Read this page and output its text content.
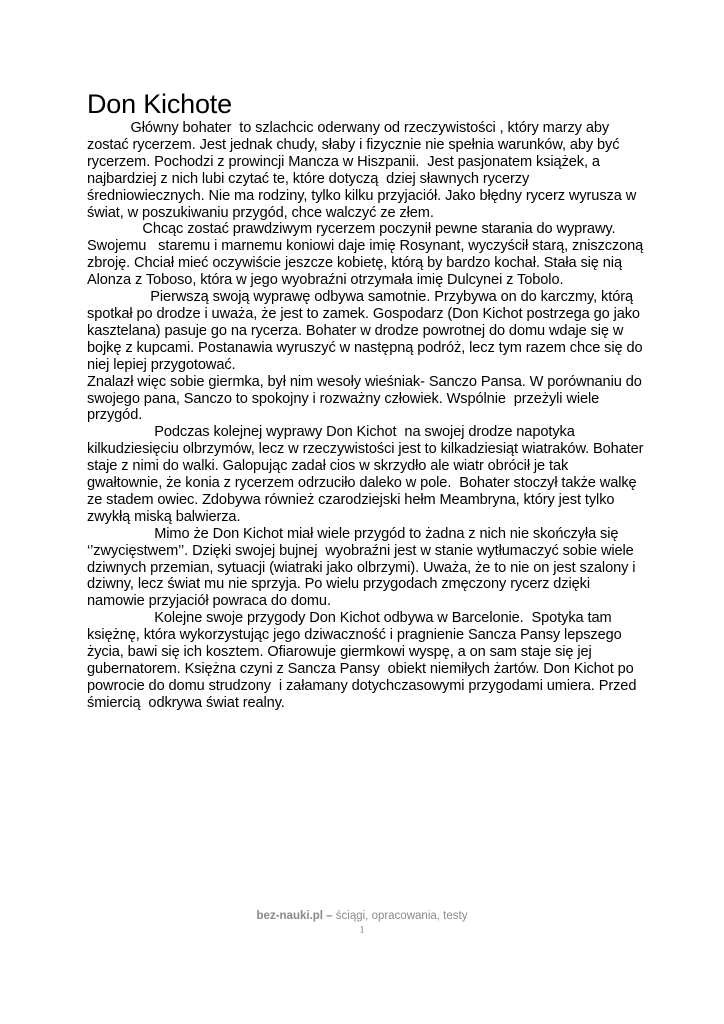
Don Kichote

Główny bohater  to szlachcic oderwany od rzeczywistości , który marzy aby zostać rycerzem. Jest jednak chudy, słaby i fizycznie nie spełnia warunków, aby być rycerzem. Pochodzi z prowincji Mancza w Hiszpanii.  Jest pasjonatem książek, a najbardziej z nich lubi czytać te, które dotyczą  dziej sławnych rycerzy średniowiecznych. Nie ma rodziny, tylko kilku przyjaciół. Jako błędny rycerz wyrusza w świat, w poszukiwaniu przygód, chce walczyć ze złem.

Chcąc zostać prawdziwym rycerzem poczynił pewne starania do wyprawy. Swojemu   staremu i marnemu koniowi daje imię Rosynant, wyczyścił starą, zniszczoną zbroję. Chciał mieć oczywiście jeszcze kobietę, którą by bardzo kochał. Stała się nią Alonza z Toboso, która w jego wyobraźni otrzymała imię Dulcynei z Tobolo.

Pierwszą swoją wyprawę odbywa samotnie. Przybywa on do karczmy, którą spotkał po drodze i uważa, że jest to zamek. Gospodarz (Don Kichot postrzega go jako kasztelana) pasuje go na rycerza. Bohater w drodze powrotnej do domu wdaje się w bojkę z kupcami. Postanawia wyruszyć w następną podróż, lecz tym razem chce się do niej lepiej przygotować.

Znalazł więc sobie giermka, był nim wesoły wieśniak- Sanczo Pansa. W porównaniu do  swojego pana, Sanczo to spokojny i rozważny człowiek. Wspólnie  przeżyli wiele przygód.

Podczas kolejnej wyprawy Don Kichot  na swojej drodze napotyka kilkudziesięciu olbrzymów, lecz w rzeczywistości jest to kilkadziesiąt wiatraków. Bohater staje z nimi do walki. Galopując zadał cios w skrzydło ale wiatr obrócił je tak gwałtownie, że konia z rycerzem odrzuciło daleko w pole.  Bohater stoczył także walkę ze stadem owiec. Zdobywa również czarodziejski hełm Meambryna, który jest tylko zwykłą miską balwierza.

Mimo że Don Kichot miał wiele przygód to żadna z nich nie skończyła się ‘’zwycięstwem’’. Dzięki swojej bujnej  wyobraźni jest w stanie wytłumaczyć sobie wiele dziwnych przemian, sytuacji (wiatraki jako olbrzymi). Uważa, że to nie on jest szalony i dziwny, lecz świat mu nie sprzyja. Po wielu przygodach zmęczony rycerz dzięki namowie przyjaciół powraca do domu.

Kolejne swoje przygody Don Kichot odbywa w Barcelonie.  Spotyka tam księżnę, która wykorzystując jego dziwaczność i pragnienie Sancza Pansy lepszego życia, bawi się ich kosztem. Ofiarowuje giermkowi wyspę, a on sam staje się jej gubernatorem. Księżna czyni z Sancza Pansy  obiekt niemiłych żartów. Don Kichot po powrocie do domu strudzony  i załamany dotychczasowymi przygodami umiera. Przed śmiercią  odkrywa świat realny.

bez-nauki.pl – ściągi, opracowania, testy
1
